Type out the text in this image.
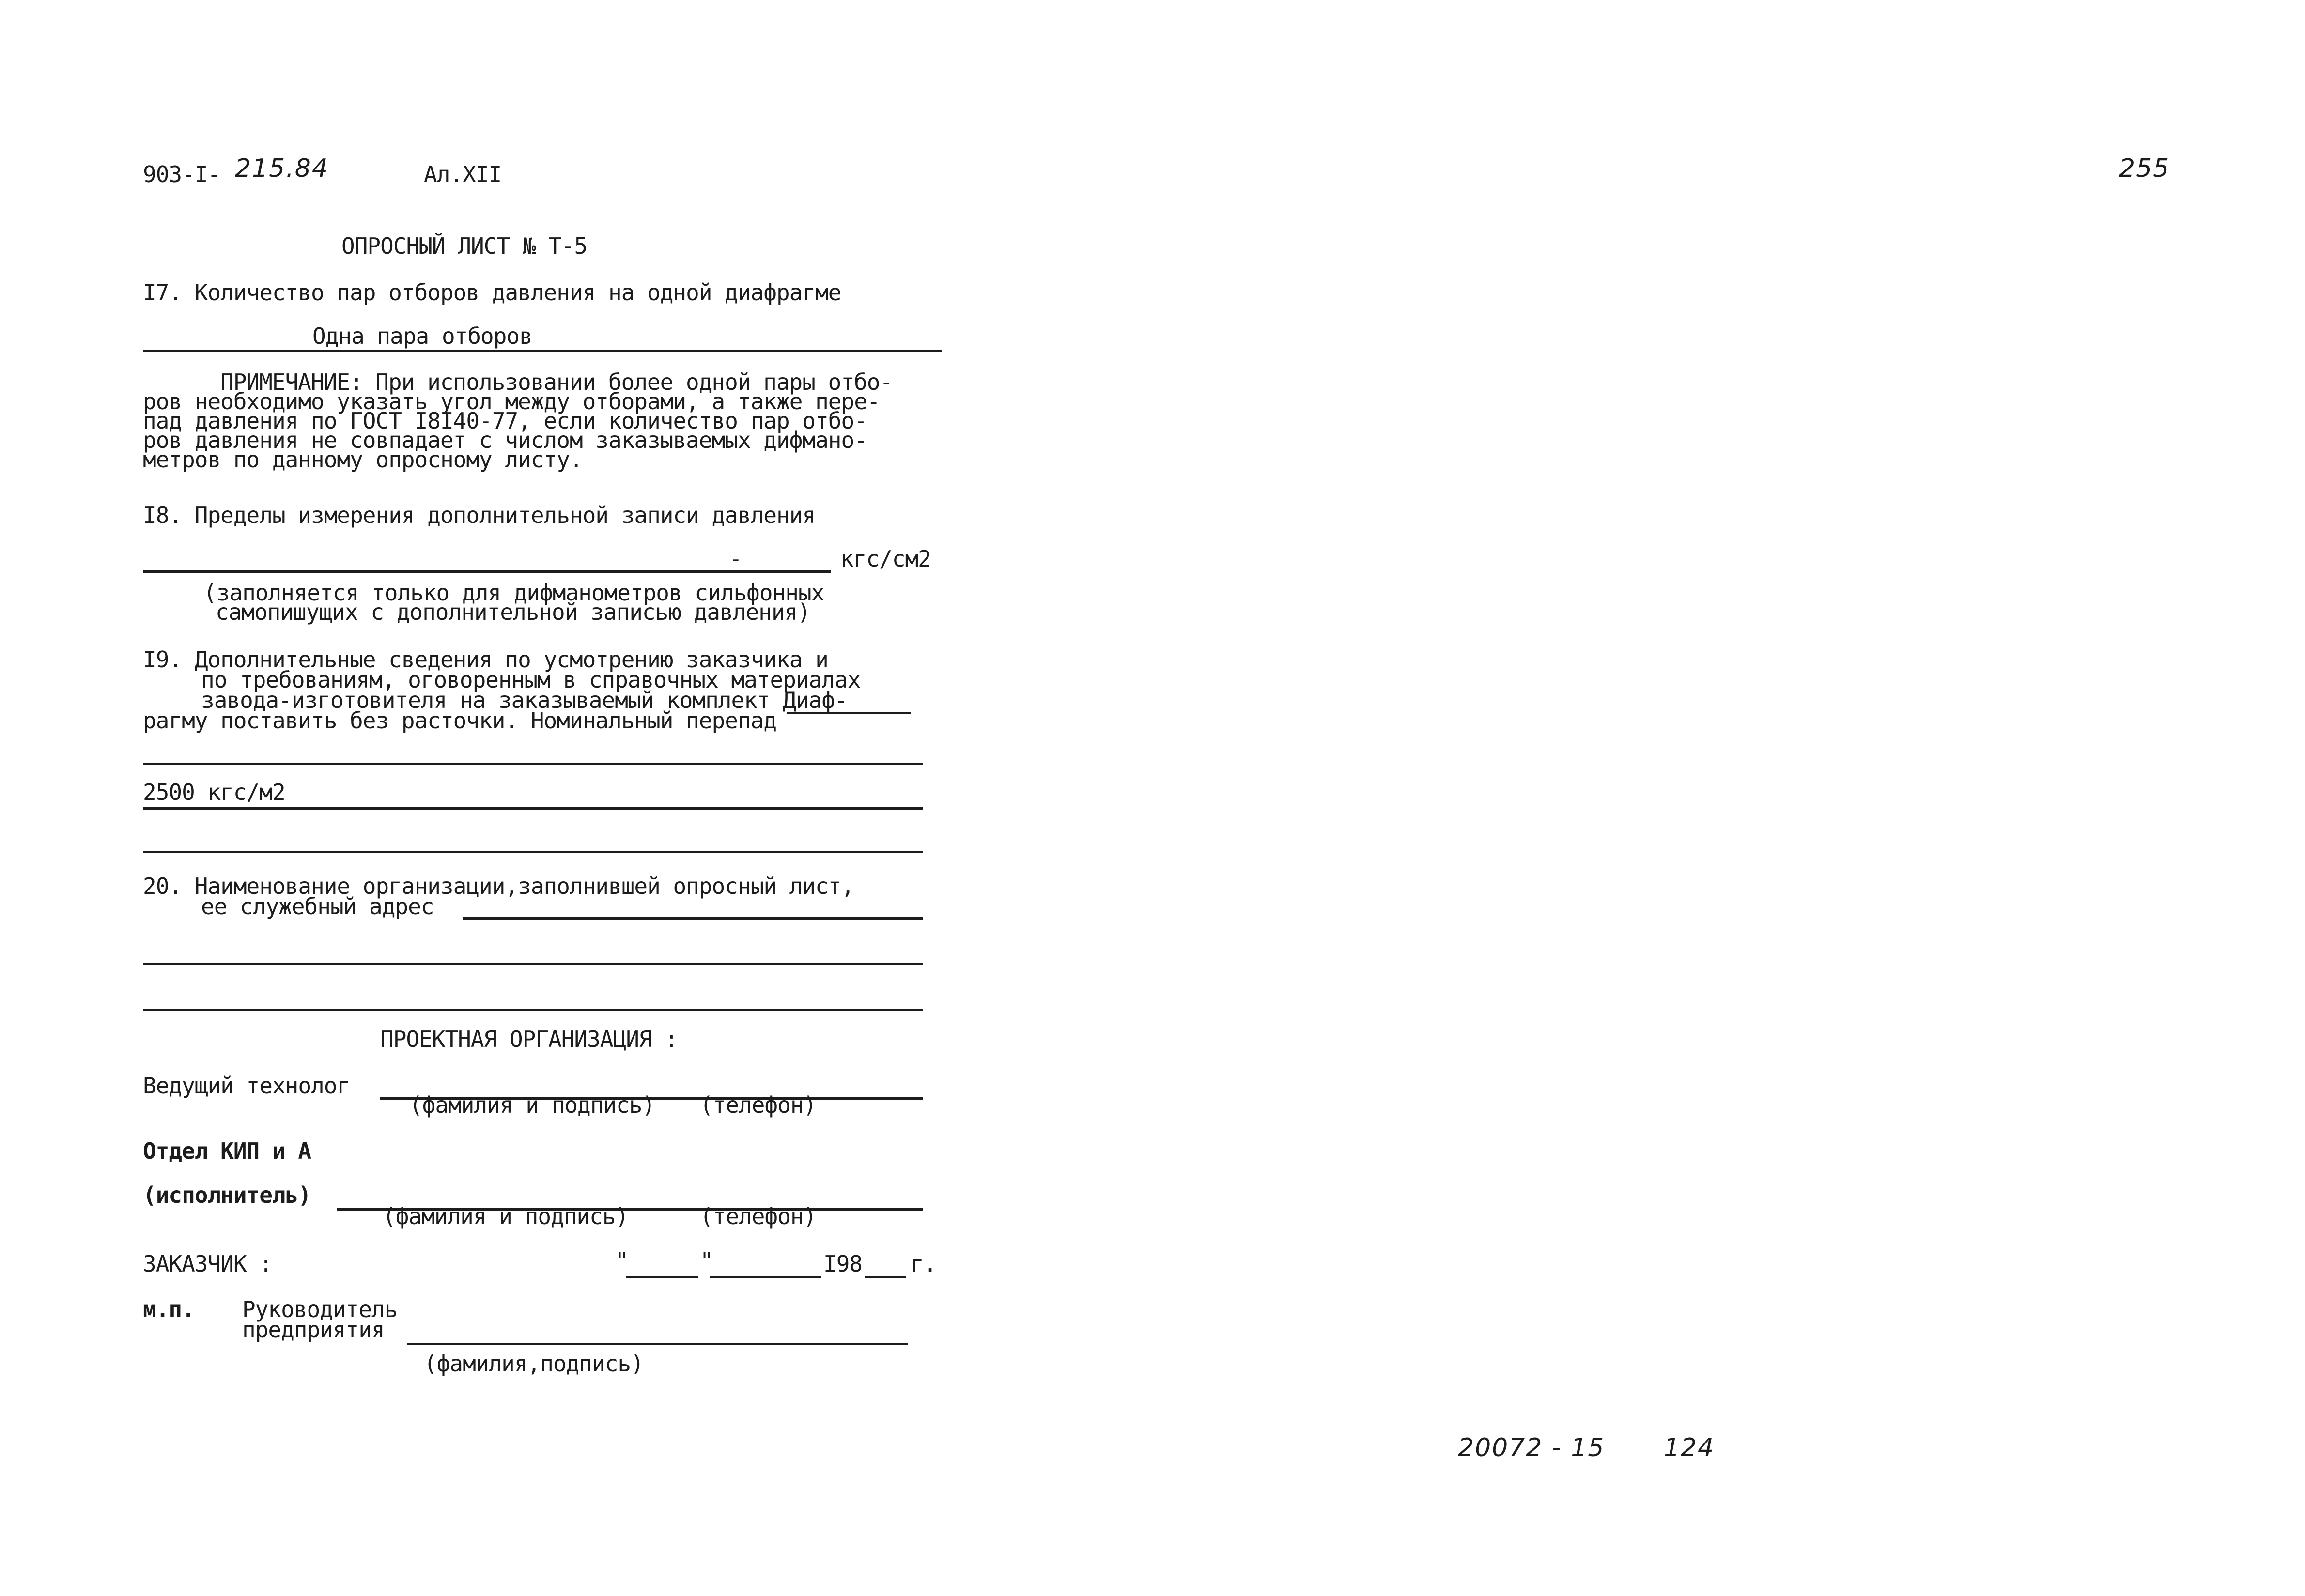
903-I- 215.84	Ал.XII	255
ОПРОСНЫЙ ЛИСТ № Т-5
I7. Количество пар отборов давления на одной диафрагме
Одна пара отборов
ПРИМЕЧАНИЕ: При использовании более одной пары отбо-
ров необходимо указать угол между отборами, а также пере-
пад давления по ГОСТ I8I40-77, если количество пар отбо-
ров давления не совпадает с числом заказываемых дифмано-
метров по данному опросному листу.
I8. Пределы измерения дополнительной записи давления
-	кгс/см2
(заполняется только для дифманометров сильфонных
самопишущих с дополнительной записью давления)
I9. Дополнительные сведения по усмотрению заказчика и
по требованиям, оговоренным в справочных материалах
завода-изготовителя на заказываемый комплект Диаф-
рагму поставить без расточки. Номинальный перепад
2500 кгс/м2
20. Наименование организации,заполнившей опросный лист,
ее служебный адрес
ПРОЕКТНАЯ ОРГАНИЗАЦИЯ :
Ведущий технолог
(фамилия и подпись) (телефон)
Отдел КИП и А
(исполнитель)
(фамилия и подпись)	(телефон)
ЗАКАЗЧИК :	"	"	I98 г.
м.п. Руководитель
предприятия
(фамилия,подпись)
20072 - 15 124
